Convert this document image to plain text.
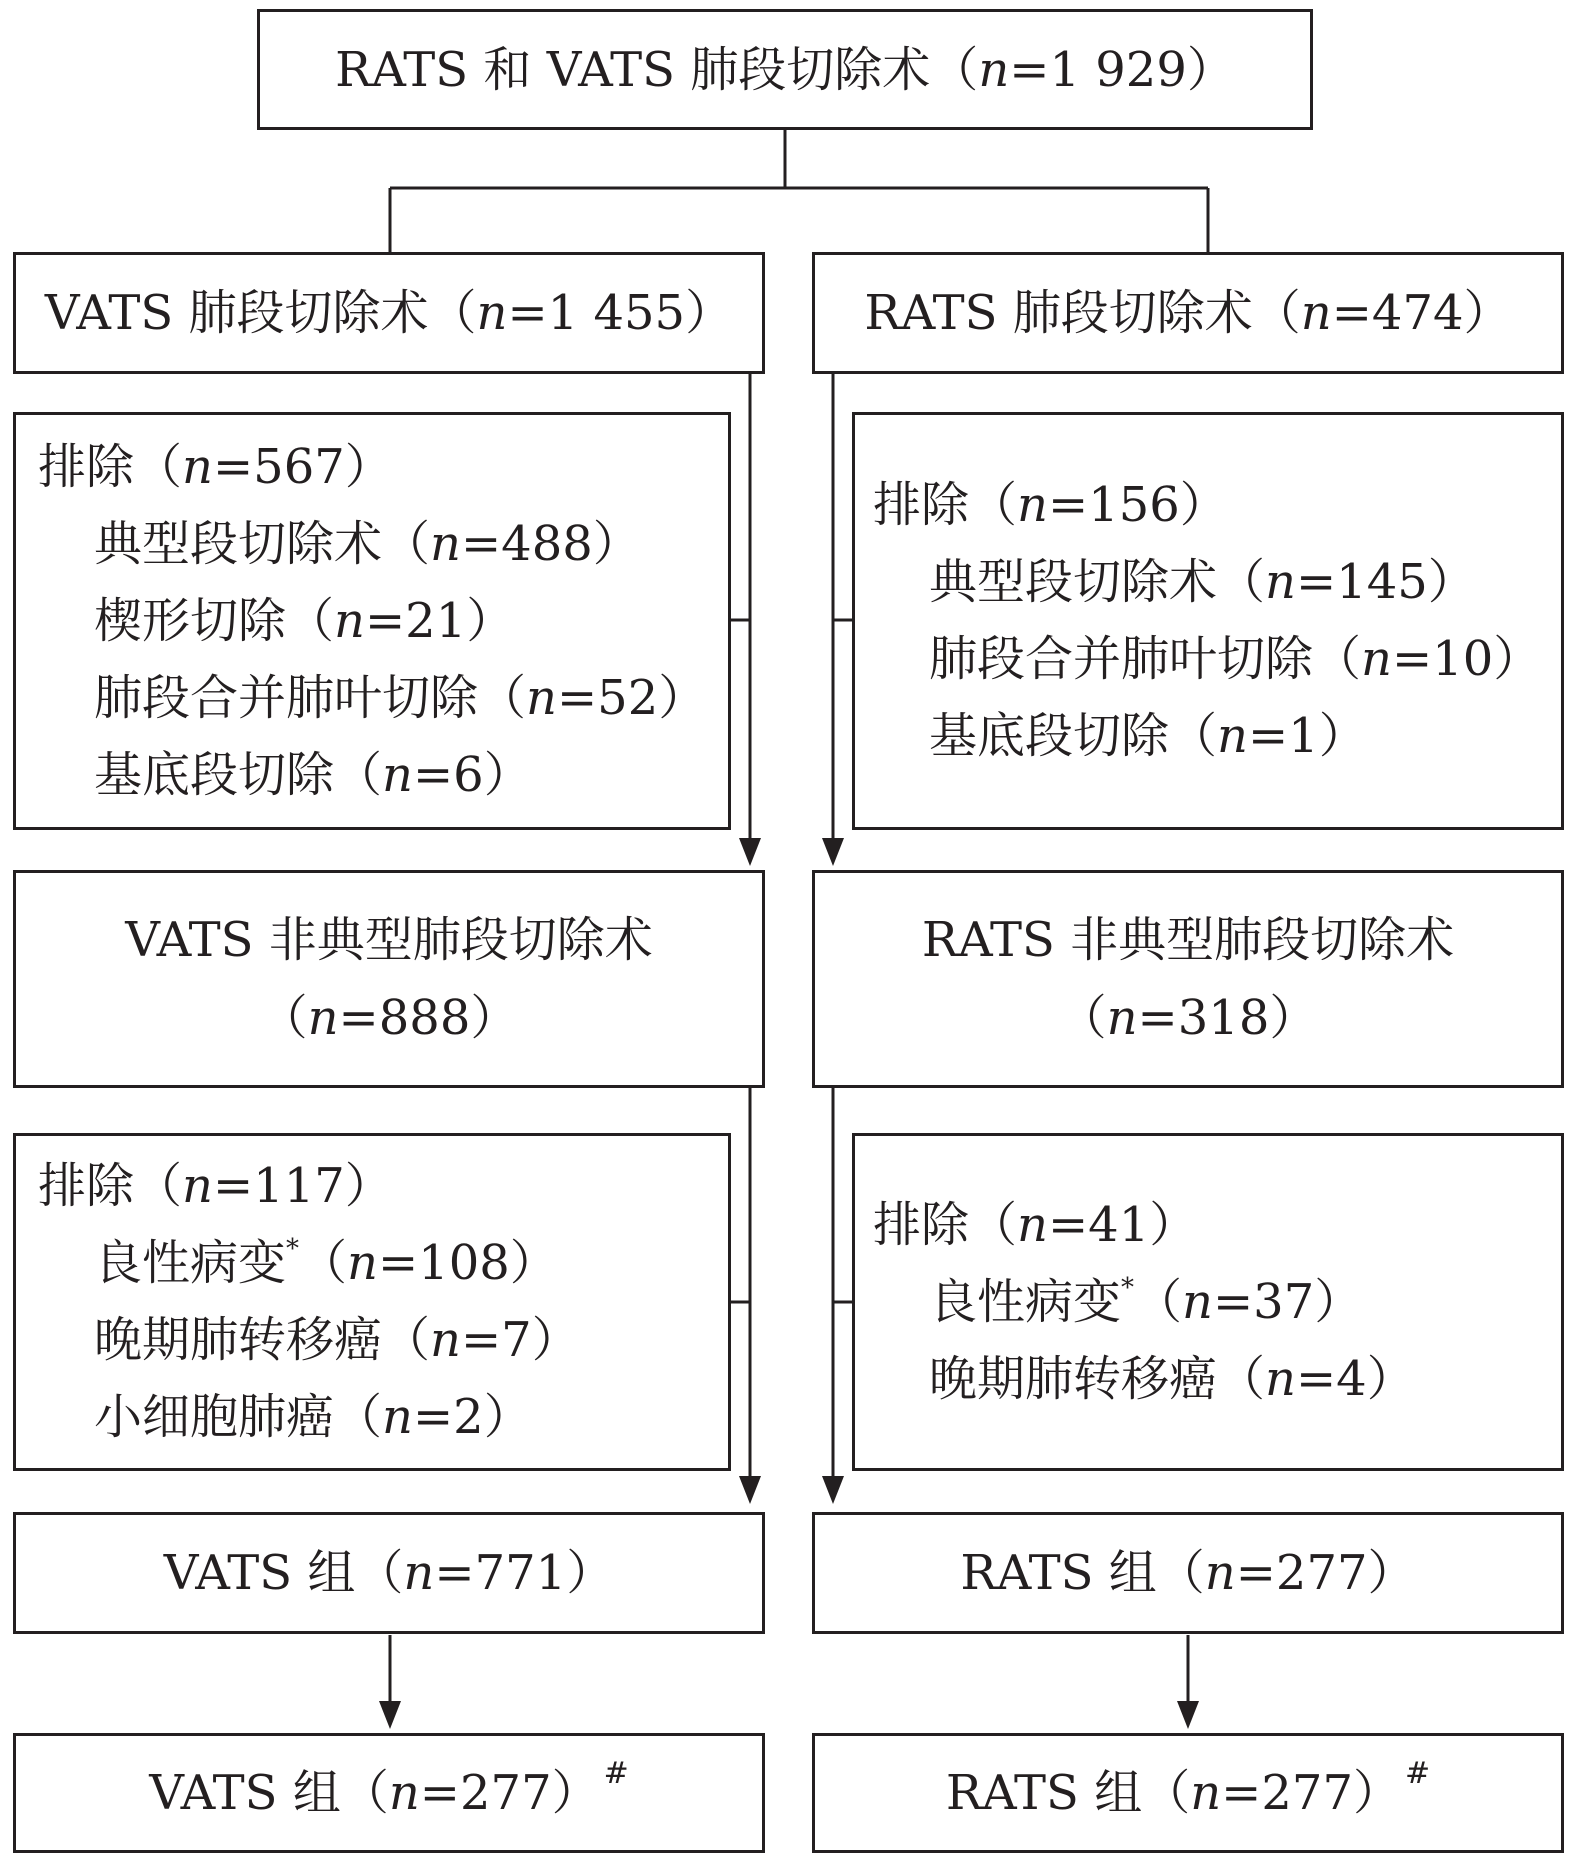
RATS 和 VATS 肺段切除术（n=1 929）
VATS 肺段切除术（n=1 455）	RATS 肺段切除术（n=474）
排除（n=567）
典型段切除术（n=488）
楔形切除（n=21）
肺段合并肺叶切除（n=52）
基底段切除（n=6）
排除（n=156）
典型段切除术（n=145）
肺段合并肺叶切除（n=10）
基底段切除（n=1）
VATS 非典型肺段切除术
（n=888）
RATS 非典型肺段切除术
（n=318）
排除（n=117）
良性病变*（n=108）
晚期肺转移癌（n=7）
小细胞肺癌（n=2）
排除（n=41）
良性病变*（n=37）
晚期肺转移癌（n=4）
VATS 组（n=771）	RATS 组（n=277）
VATS 组（n=277） #	RATS 组（n=277） #
